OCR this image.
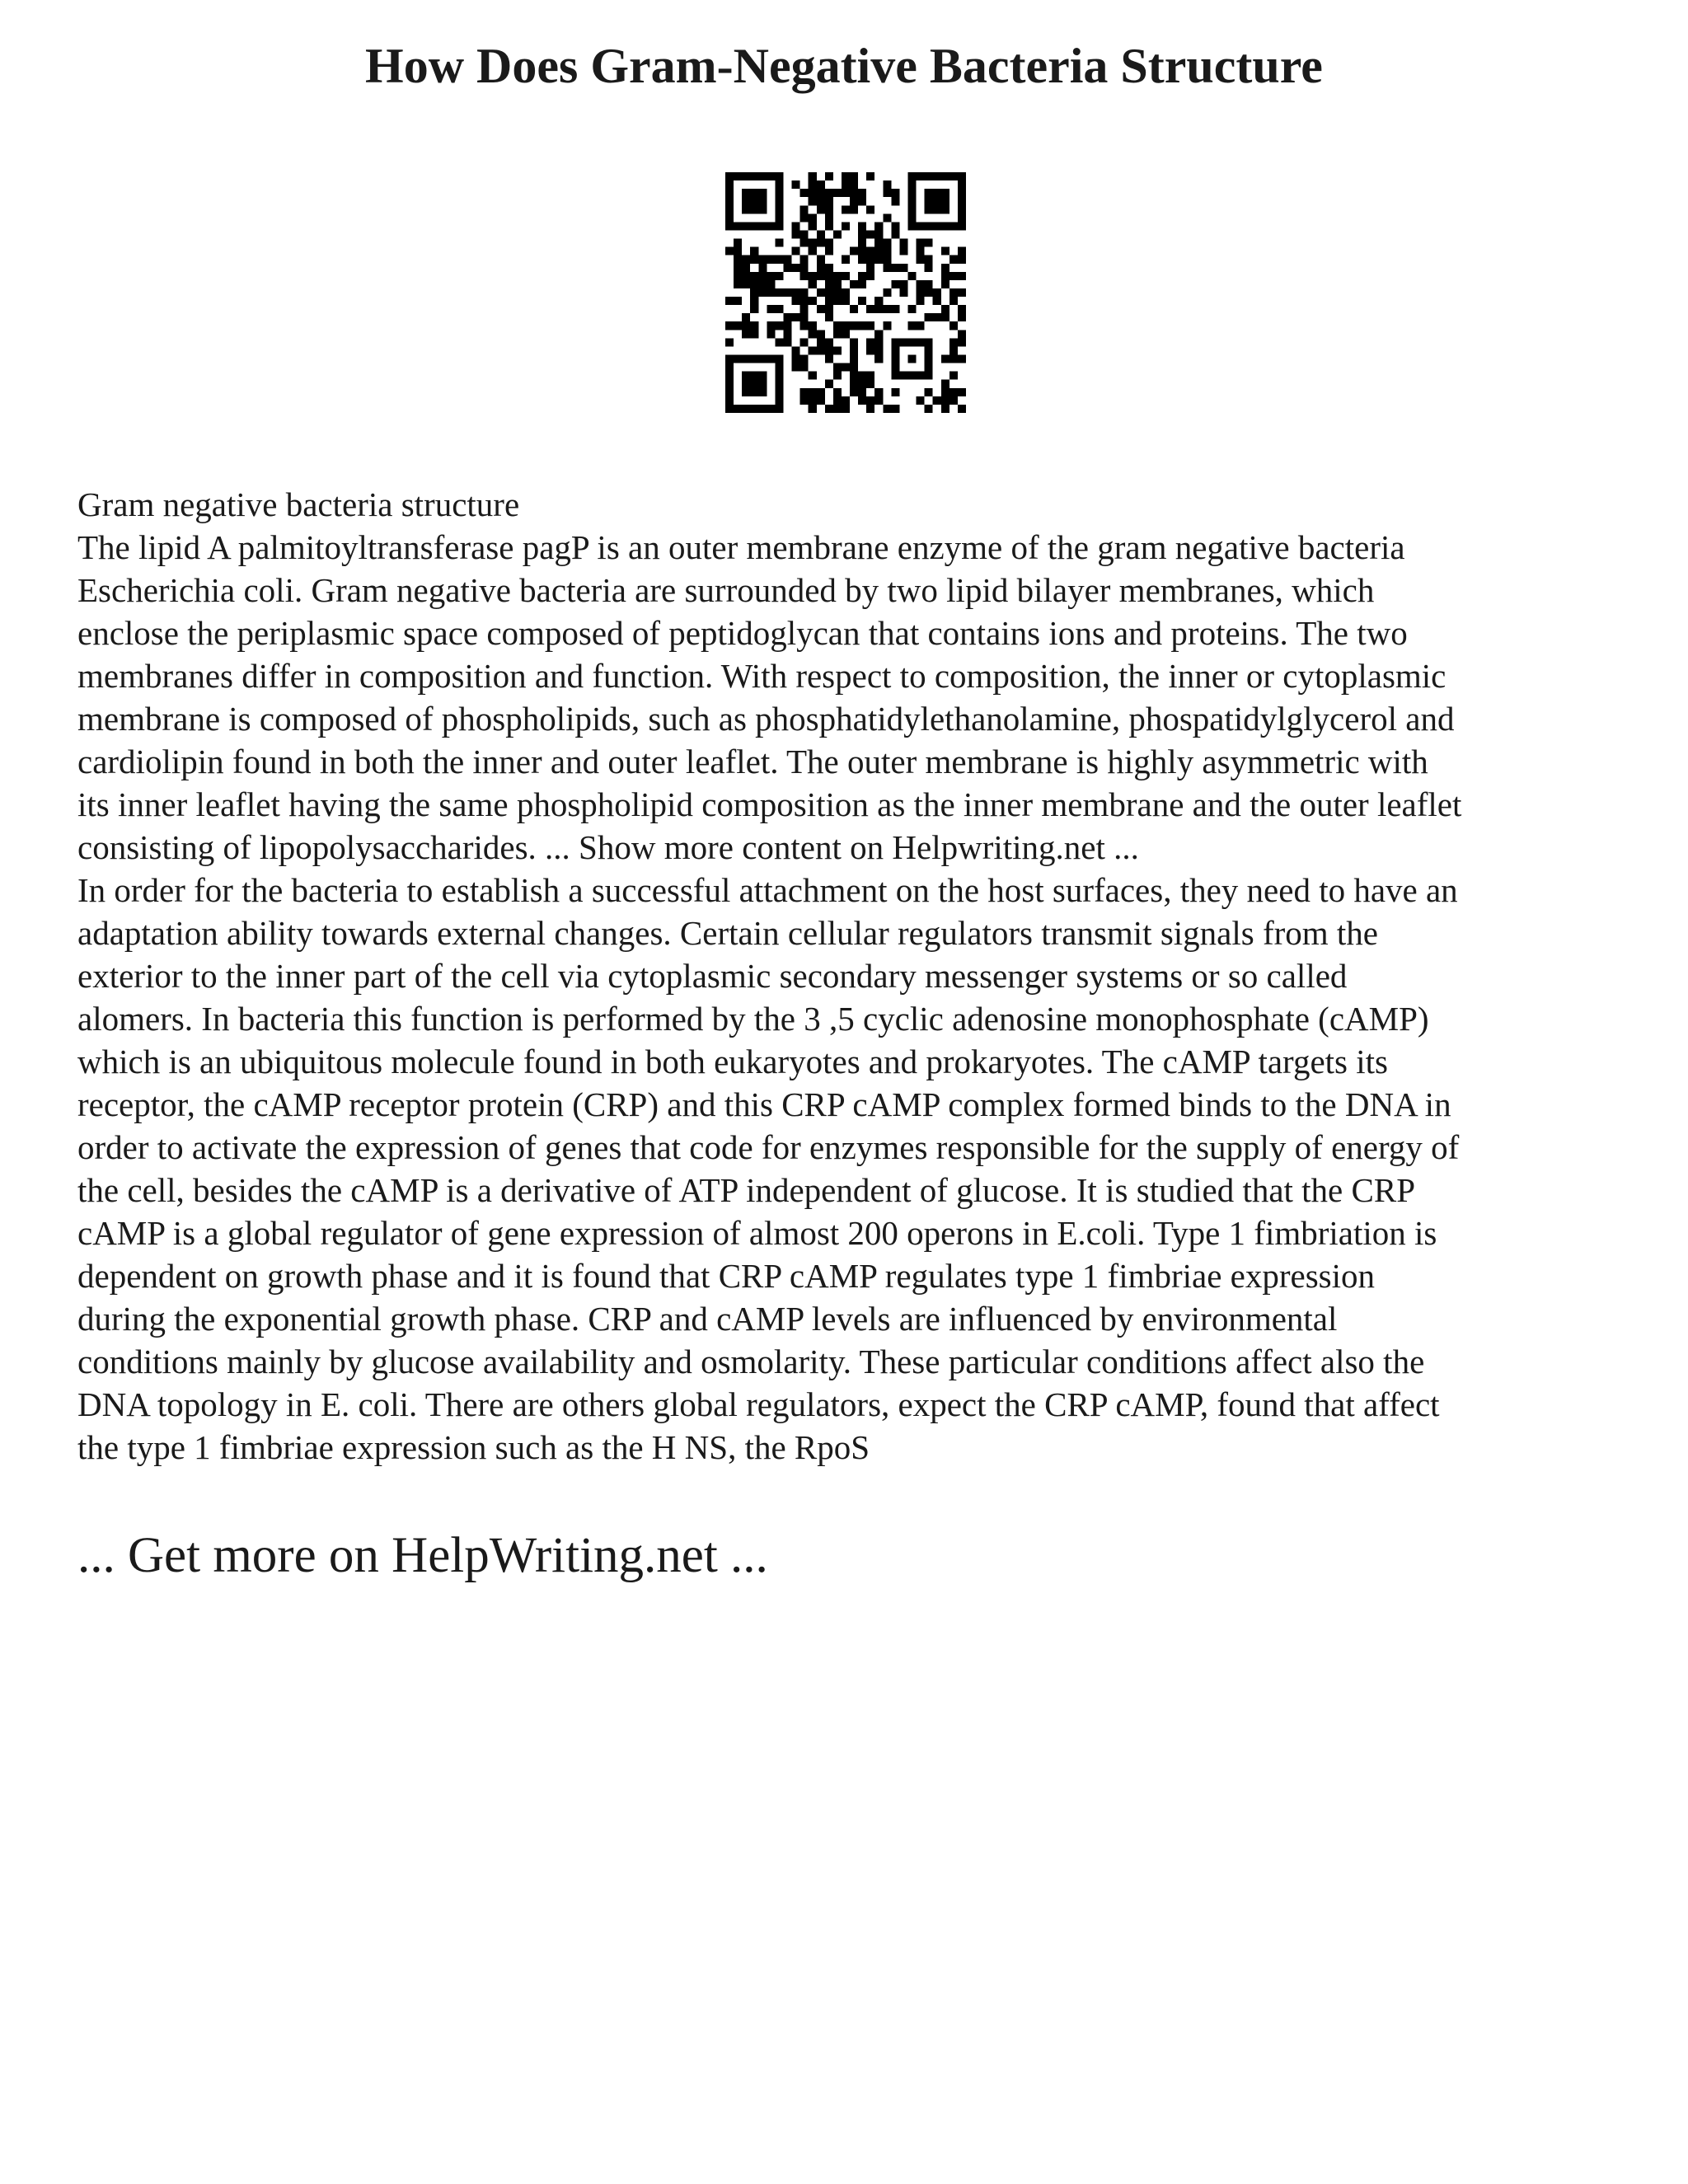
How Does Gram-Negative Bacteria Structure

Gram negative bacteria structure

The lipid A palmitoyltransferase pagP is an outer membrane enzyme of the gram negative bacteria
Escherichia coli. Gram negative bacteria are surrounded by two lipid bilayer membranes, which
enclose the periplasmic space composed of peptidoglycan that contains ions and proteins. The two
membranes differ in composition and function. With respect to composition, the inner or cytoplasmic
membrane is composed of phospholipids, such as phosphatidylethanolamine, phospatidylglycerol and
cardiolipin found in both the inner and outer leaflet. The outer membrane is highly asymmetric with
its inner leaflet having the same phospholipid composition as the inner membrane and the outer leaflet
consisting of lipopolysaccharides. ... Show more content on Helpwriting.net ...

In order for the bacteria to establish a successful attachment on the host surfaces, they need to have an
adaptation ability towards external changes. Certain cellular regulators transmit signals from the
exterior to the inner part of the cell via cytoplasmic secondary messenger systems or so called
alomers. In bacteria this function is performed by the 3 ,5 cyclic adenosine monophosphate (cAMP)
which is an ubiquitous molecule found in both eukaryotes and prokaryotes. The cAMP targets its
receptor, the cAMP receptor protein (CRP) and this CRP cAMP complex formed binds to the DNA in
order to activate the expression of genes that code for enzymes responsible for the supply of energy of
the cell, besides the cAMP is a derivative of ATP independent of glucose. It is studied that the CRP
cAMP is a global regulator of gene expression of almost 200 operons in E.coli. Type 1 fimbriation is
dependent on growth phase and it is found that CRP cAMP regulates type 1 fimbriae expression
during the exponential growth phase. CRP and cAMP levels are influenced by environmental
conditions mainly by glucose availability and osmolarity. These particular conditions affect also the
DNA topology in E. coli. There are others global regulators, expect the CRP cAMP, found that affect
the type 1 fimbriae expression such as the H NS, the RpoS

... Get more on HelpWriting.net ...
